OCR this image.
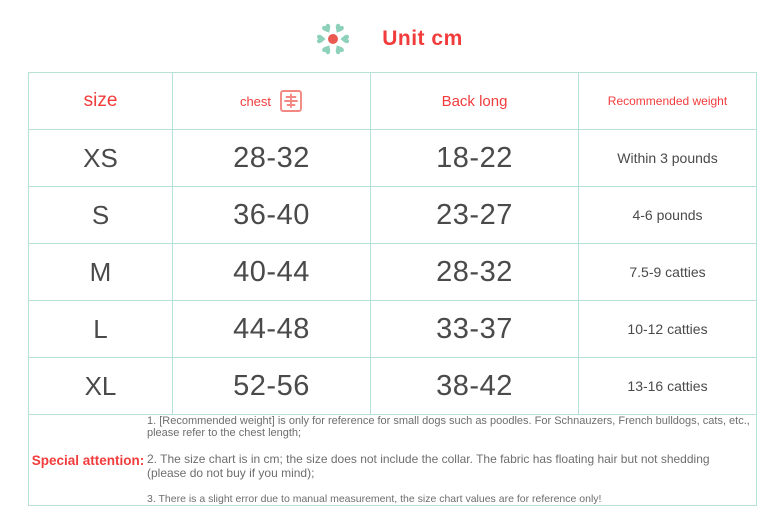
Unit cm
size	chest	Back long	Recommended weight
XS	28-32	18-22	Within 3 pounds
S	36-40	23-27	4-6 pounds
M	40-44	28-32	7.5-9 catties
L	44-48	33-37	10-12 catties
XL	52-56	38-42	13-16 catties

Special attention:
1. [Recommended weight] is only for reference for small dogs such as poodles. For Schnauzers, French bulldogs, cats, etc., please refer to the chest length;
2. The size chart is in cm; the size does not include the collar. The fabric has floating hair but not shedding (please do not buy if you mind);
3. There is a slight error due to manual measurement, the size chart values are for reference only!			
